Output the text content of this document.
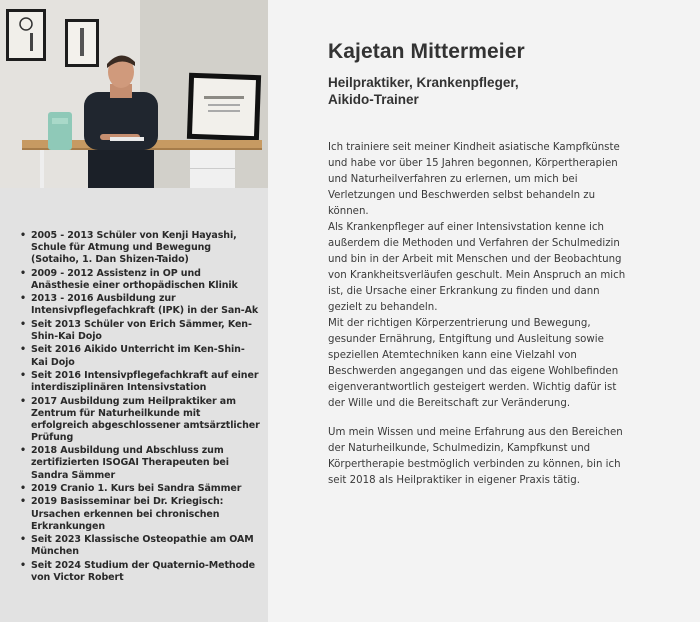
• 2005 - 2013 Schüler von Kenji Hayashi, Schule für Atmung und Bewegung (Sotaiho, 1. Dan Shizen-Taido)
• 2009 - 2012 Assistenz in OP und Anästhesie einer orthopädischen Klinik
• 2013 - 2016 Ausbildung zur Intensivpflegefachkraft (IPK) in der San-Ak
• Seit 2013 Schüler von Erich Sämmer, Ken-Shin-Kai Dojo
• Seit 2016 Aikido Unterricht im Ken-Shin-Kai Dojo
• Seit 2016 Intensivpflegefachkraft auf einer interdisziplinären Intensivstation
• 2017 Ausbildung zum Heilpraktiker am Zentrum für Naturheilkunde mit erfolgreich abgeschlossener amtsärztlicher Prüfung
• 2018 Ausbildung und Abschluss zum zertifizierten ISOGAI Therapeuten bei Sandra Sämmer
• 2019 Cranio 1. Kurs bei Sandra Sämmer
• 2019 Basisseminar bei Dr. Kriegisch: Ursachen erkennen bei chronischen Erkrankungen
• Seit 2023 Klassische Osteopathie am OAM München
• Seit 2024 Studium der Quaternio-Methode von Victor Robert
Kajetan Mittermeier
Heilpraktiker, Krankenpfleger, Aikido-Trainer

Ich trainiere seit meiner Kindheit asiatische Kampfkünste und habe vor über 15 Jahren begonnen, Körpertherapien und Naturheilverfahren zu erlernen, um mich bei Verletzungen und Beschwerden selbst behandeln zu können.

Als Krankenpfleger auf einer Intensivstation kenne ich außerdem die Methoden und Verfahren der Schulmedizin und bin in der Arbeit mit Menschen und der Beobachtung von Krankheitsverläufen geschult. Mein Anspruch an mich ist, die Ursache einer Erkrankung zu finden und dann gezielt zu behandeln.

Mit der richtigen Körperzentrierung und Bewegung, gesunder Ernährung, Entgiftung und Ausleitung sowie speziellen Atemtechniken kann eine Vielzahl von Beschwerden angegangen und das eigene Wohlbefinden eigenverantwortlich gesteigert werden. Wichtig dafür ist der Wille und die Bereitschaft zur Veränderung.

Um mein Wissen und meine Erfahrung aus den Bereichen der Naturheilkunde, Schulmedizin, Kampfkunst und Körpertherapie bestmöglich verbinden zu können, bin ich seit 2018 als Heilpraktiker in eigener Praxis tätig.
